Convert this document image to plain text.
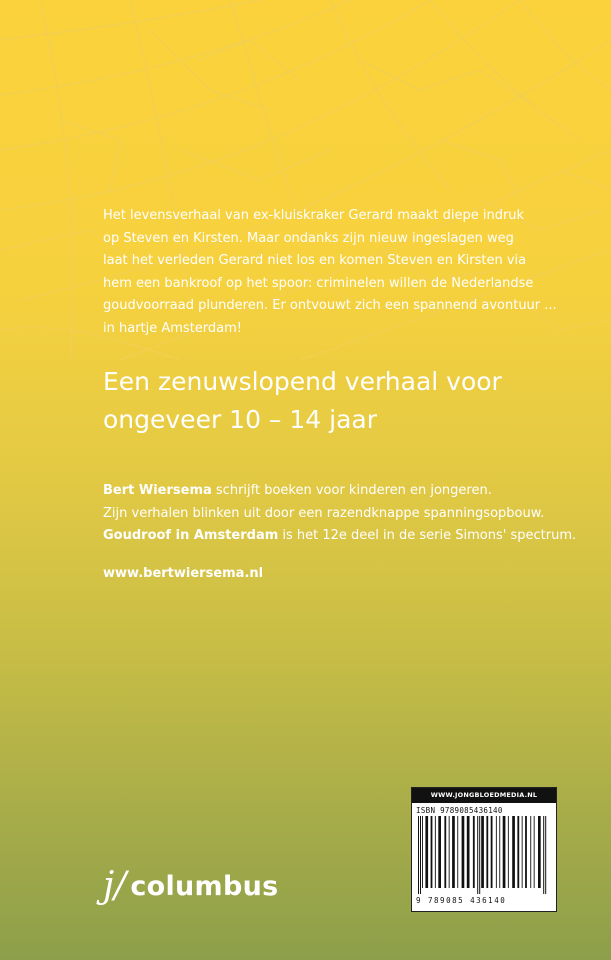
Het levensverhaal van ex-kluiskraker Gerard maakt diepe indruk
op Steven en Kirsten. Maar ondanks zijn nieuw ingeslagen weg
laat het verleden Gerard niet los en komen Steven en Kirsten via
hem een bankroof op het spoor: criminelen willen de Nederlandse
goudvoorraad plunderen. Er ontvouwt zich een spannend avontuur ...
in hartje Amsterdam!
Een zenuwslopend verhaal voor
ongeveer 10 – 14 jaar
Bert Wiersema schrijft boeken voor kinderen en jongeren.
Zijn verhalen blinken uit door een razendknappe spanningsopbouw.
Goudroof in Amsterdam is het 12e deel in de serie Simons' spectrum.
www.bertwiersema.nl
j / columbus
WWW.JONGBLOEDMEDIA.NL
ISBN 9789085436140
9 789085 436140
